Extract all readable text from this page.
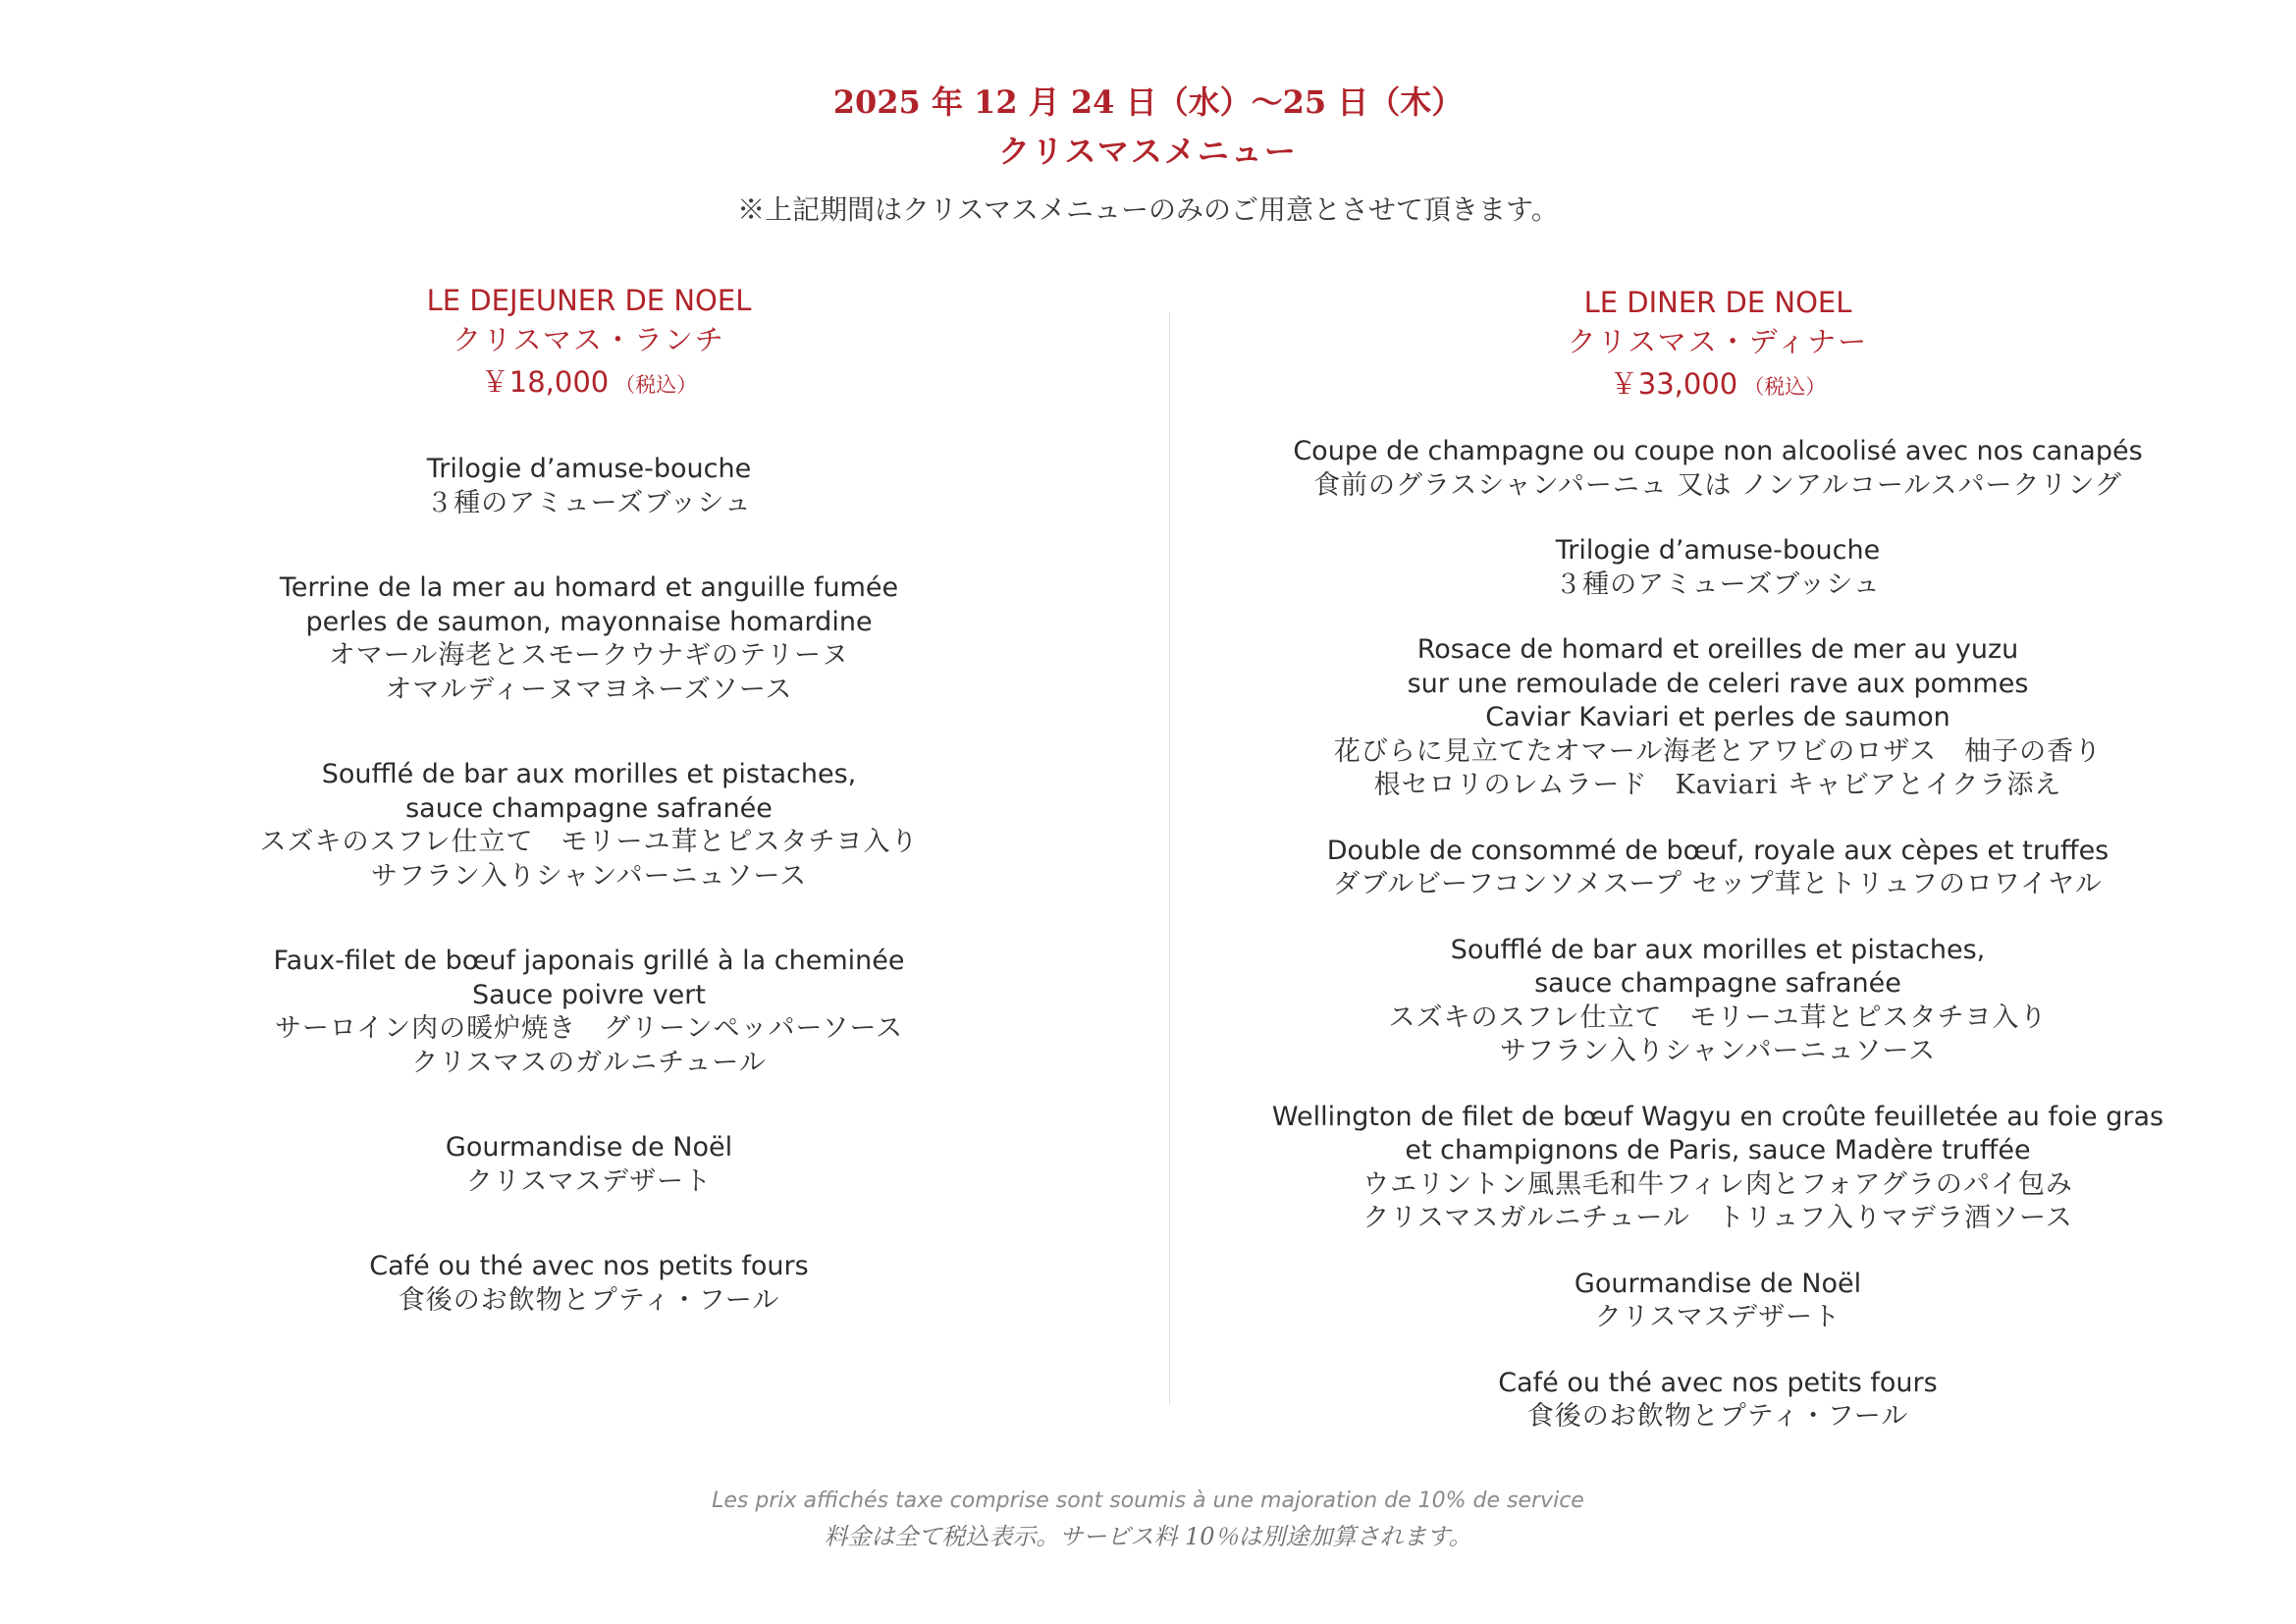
2025 年 12 月 24 日（水）～25 日（木）
クリスマスメニュー
※上記期間はクリスマスメニューのみのご用意とさせて頂きます。
LE DEJEUNER DE NOEL
クリスマス・ランチ
￥18,000 （税込）
Trilogie d’amuse-bouche
３種のアミューズブッシュ
Terrine de la mer au homard et anguille fumée
perles de saumon, mayonnaise homardine
オマール海老とスモークウナギのテリーヌ
オマルディーヌマヨネーズソース
Soufflé de bar aux morilles et pistaches,
sauce champagne safranée
スズキのスフレ仕立て　モリーユ茸とピスタチヨ入り
サフラン入りシャンパーニュソース
Faux-filet de bœuf japonais grillé à la cheminée
Sauce poivre vert
サーロイン肉の暖炉焼き　グリーンペッパーソース
クリスマスのガルニチュール
Gourmandise de Noël
クリスマスデザート
Café ou thé avec nos petits fours
食後のお飲物とプティ・フール
LE DINER DE NOEL
クリスマス・ディナー
￥33,000 （税込）
Coupe de champagne ou coupe non alcoolisé avec nos canapés
食前のグラスシャンパーニュ 又は ノンアルコールスパークリング
Trilogie d’amuse-bouche
３種のアミューズブッシュ
Rosace de homard et oreilles de mer au yuzu
sur une remoulade de celeri rave aux pommes
Caviar Kaviari et perles de saumon
花びらに見立てたオマール海老とアワビのロザス　柚子の香り
根セロリのレムラード　Kaviari キャビアとイクラ添え
Double de consommé de bœuf, royale aux cèpes et truffes
ダブルビーフコンソメスープ セップ茸とトリュフのロワイヤル
Soufflé de bar aux morilles et pistaches,
sauce champagne safranée
スズキのスフレ仕立て　モリーユ茸とピスタチヨ入り
サフラン入りシャンパーニュソース
Wellington de filet de bœuf Wagyu en croûte feuilletée au foie gras
et champignons de Paris, sauce Madère truffée
ウエリントン風黒毛和牛フィレ肉とフォアグラのパイ包み
クリスマスガルニチュール　トリュフ入りマデラ酒ソース
Gourmandise de Noël
クリスマスデザート
Café ou thé avec nos petits fours
食後のお飲物とプティ・フール
Les prix affichés taxe comprise sont soumis à une majoration de 10% de service
料金は全て税込表示。サービス料 10％は別途加算されます。
